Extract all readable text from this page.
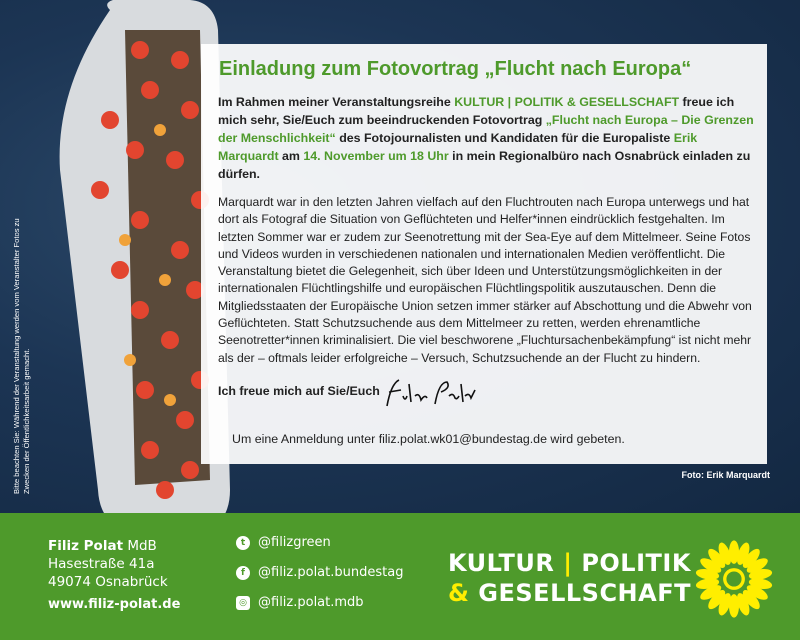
Einladung zum Fotovortrag „Flucht nach Europa“
Im Rahmen meiner Veranstaltungsreihe KULTUR | POLITIK & GESELLSCHAFT freue ich mich sehr, Sie/Euch zum beeindruckenden Fotovortrag „Flucht nach Europa – Die Grenzen der Menschlichkeit“ des Fotojournalisten und Kandidaten für die Europaliste Erik Marquardt am 14. November um 18 Uhr in mein Regionalbüro nach Osnabrück einladen zu dürfen.
Marquardt war in den letzten Jahren vielfach auf den Fluchtrouten nach Europa unterwegs und hat dort als Fotograf die Situation von Geflüchteten und Helfer*innen eindrücklich festgehalten. Im letzten Sommer war er zudem zur Seenotrettung mit der Sea-Eye auf dem Mittelmeer. Seine Fotos und Videos wurden in verschiedenen nationalen und internationalen Medien veröffentlicht. Die Veranstaltung bietet die Gelegenheit, sich über Ideen und Unterstützungsmöglichkeiten in der internationalen Flüchtlingshilfe und europäischen Flüchtlingspolitik auszutauschen. Denn die Mitgliedsstaaten der Europäische Union setzen immer stärker auf Abschottung und die Abwehr von Geflüchteten. Statt Schutzsuchende aus dem Mittelmeer zu retten, werden ehrenamtliche Seenotretter*innen kriminalisiert. Die viel beschworene „Fluchtursachenbekämpfung“ ist nicht mehr als der – oftmals leider erfolgreiche – Versuch, Schutzsuchende an der Flucht zu hindern.
Ich freue mich auf Sie/Euch
Um eine Anmeldung unter filiz.polat.wk01@bundestag.de wird gebeten.
Foto: Erik Marquardt
Bitte beachten Sie: Während der Veranstaltung werden vom Veranstalter Fotos zu Zwecken der Öffentlichkeitsarbeit gemacht.
Filiz Polat MdB
Hasestraße 41a
49074 Osnabrück
www.filiz-polat.de
t @filizgreen
f	@filiz.polat.bundestag
◎ @filiz.polat.mdb
KULTUR | POLITIK
& GESELLSCHAFT
